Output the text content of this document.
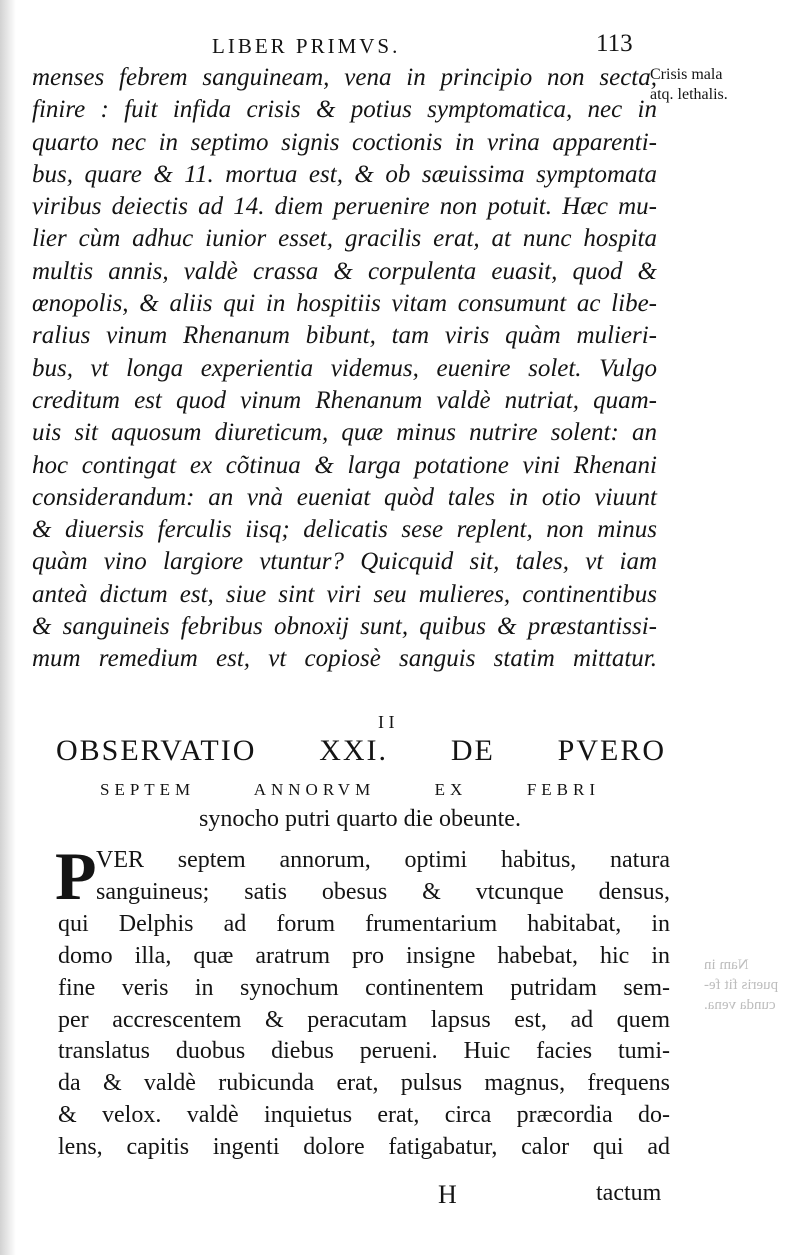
LIBER PRIMVS.	113
menses febrem sanguineam, vena in principio non secta,
finire : fuit infida crisis & potius symptomatica, nec in
quarto nec in septimo signis coctionis in vrina apparenti-
bus, quare & 11. mortua est, & ob sæuissima symptomata
viribus deiectis ad 14. diem peruenire non potuit. Hæc mu-
lier cùm adhuc iunior esset, gracilis erat, at nunc hospita
multis annis, valdè crassa & corpulenta euasit, quod &
œnopolis, & aliis qui in hospitiis vitam consumunt ac libe-
ralius vinum Rhenanum bibunt, tam viris quàm mulieri-
bus, vt longa experientia videmus, euenire solet. Vulgo
creditum est quod vinum Rhenanum valdè nutriat, quam-
uis sit aquosum diureticum, quæ minus nutrire solent: an
hoc contingat ex cõtinua & larga potatione vini Rhenani
considerandum: an vnà eueniat quòd tales in otio viuunt
& diuersis ferculis iisq; delicatis sese replent, non minus
quàm vino largiore vtuntur? Quicquid sit, tales, vt iam
anteà dictum est, siue sint viri seu mulieres, continentibus
& sanguineis febribus obnoxij sunt, quibus & præstantissi-
mum remedium est, vt copiosè sanguis statim mittatur.
Crisis mala
atq. lethalis.
I I
OBSERVATIO XXI. DE PVERO
SEPTEM ANNORVM EX FEBRI
synocho putri quarto die obeunte.
P VER septem annorum, optimi habitus, natura
sanguineus; satis obesus & vtcunque densus,
qui Delphis ad forum frumentarium habitabat, in
domo illa, quæ aratrum pro insigne habebat, hic in
fine veris in synochum continentem putridam sem-
per accrescentem & peracutam lapsus est, ad quem
translatus duobus diebus perueni. Huic facies tumi-
da & valdè rubicunda erat, pulsus magnus, frequens
& velox. valdè inquietus erat, circa præcordia do-
lens, capitis ingenti dolore fatigabatur, calor qui ad
Nam in
pueris fit fe-
cunda vena.
H	tactum
